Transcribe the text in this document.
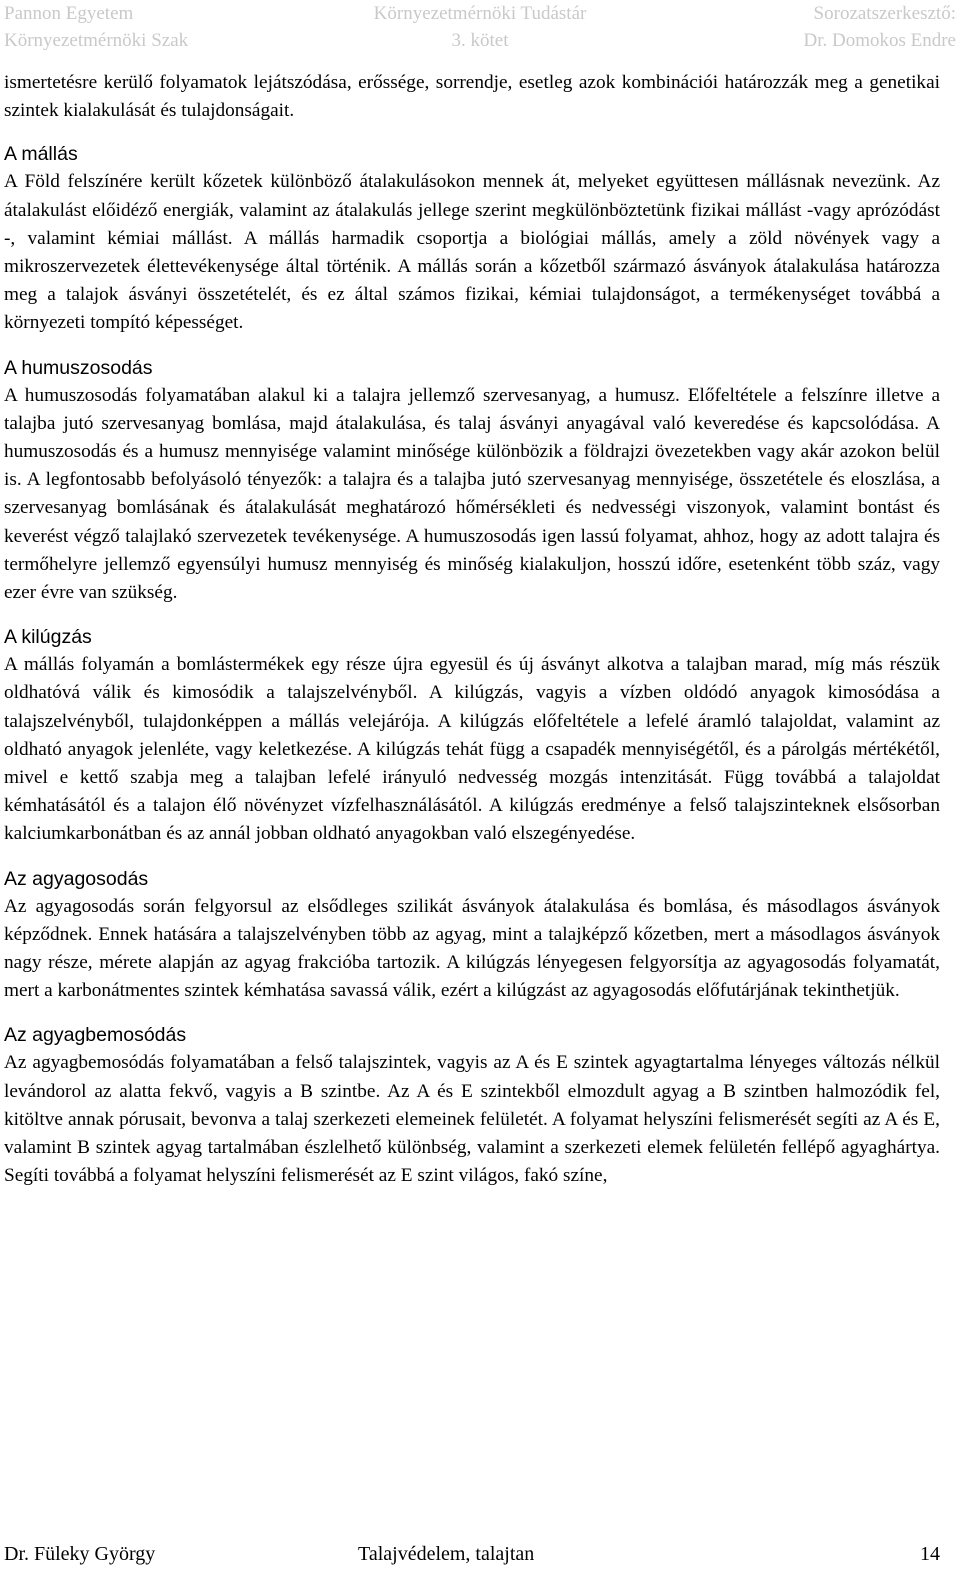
Pannon Egyetem
Környezetmérnöki Szak
Környezetmérnöki Tudástár
3. kötet
Sorozatszerkesztő:
Dr. Domokos Endre

ismertetésre kerülő folyamatok lejátszódása, erőssége, sorrendje, esetleg azok kombinációi határozzák meg a genetikai szintek kialakulását és tulajdonságait.

A mállás

A Föld felszínére került kőzetek különböző átalakulásokon mennek át, melyeket együttesen mállásnak nevezünk. Az átalakulást előidéző energiák, valamint az átalakulás jellege szerint megkülönböztetünk fizikai mállást -vagy aprózódást -, valamint kémiai mállást. A mállás harmadik csoportja a biológiai mállás, amely a zöld növények vagy a mikroszervezetek élettevékenysége által történik. A mállás során a kőzetből származó ásványok átalakulása határozza meg a talajok ásványi összetételét, és ez által számos fizikai, kémiai tulajdonságot, a termékenységet továbbá a környezeti tompító képességet.

A humuszosodás

A humuszosodás folyamatában alakul ki a talajra jellemző szervesanyag, a humusz. Előfeltétele a felszínre illetve a talajba jutó szervesanyag bomlása, majd átalakulása, és talaj ásványi anyagával való keveredése és kapcsolódása. A humuszosodás és a humusz mennyisége valamint minősége különbözik a földrajzi övezetekben vagy akár azokon belül is. A legfontosabb befolyásoló tényezők: a talajra és a talajba jutó szervesanyag mennyisége, összetétele és eloszlása, a szervesanyag bomlásának és átalakulását meghatározó hőmérsékleti és nedvességi viszonyok, valamint bontást és keverést végző talajlakó szervezetek tevékenysége. A humuszosodás igen lassú folyamat, ahhoz, hogy az adott talajra és termőhelyre jellemző egyensúlyi humusz mennyiség és minőség kialakuljon, hosszú időre, esetenként több száz, vagy ezer évre van szükség.

A kilúgzás

A mállás folyamán a bomlástermékek egy része újra egyesül és új ásványt alkotva a talajban marad, míg más részük oldhatóvá válik és kimosódik a talajszelvényből. A kilúgzás, vagyis a vízben oldódó anyagok kimosódása a talajszelvényből, tulajdonképpen a mállás velejárója. A kilúgzás előfeltétele a lefelé áramló talajoldat, valamint az oldható anyagok jelenléte, vagy keletkezése. A kilúgzás tehát függ a csapadék mennyiségétől, és a párolgás mértékétől, mivel e kettő szabja meg a talajban lefelé irányuló nedvesség mozgás intenzitását. Függ továbbá a talajoldat kémhatásától és a talajon élő növényzet vízfelhasználásától. A kilúgzás eredménye a felső talajszinteknek elsősorban kalciumkarbonátban és az annál jobban oldható anyagokban való elszegényedése.

Az agyagosodás

Az agyagosodás során felgyorsul az elsődleges szilikát ásványok átalakulása és bomlása, és másodlagos ásványok képződnek. Ennek hatására a talajszelvényben több az agyag, mint a talajképző kőzetben, mert a másodlagos ásványok nagy része, mérete alapján az agyag frakcióba tartozik. A kilúgzás lényegesen felgyorsítja az agyagosodás folyamatát, mert a karbonátmentes szintek kémhatása savassá válik, ezért a kilúgzást az agyagosodás előfutárjának tekinthetjük.

Az agyagbemosódás

Az agyagbemosódás folyamatában a felső talajszintek, vagyis az A és E szintek agyagtartalma lényeges változás nélkül levándorol az alatta fekvő, vagyis a B szintbe. Az A és E szintekből elmozdult agyag a B szintben halmozódik fel, kitöltve annak pórusait, bevonva a talaj szerkezeti elemeinek felületét. A folyamat helyszíni felismerését segíti az A és E, valamint B szintek agyag tartalmában észlelhető különbség, valamint a szerkezeti elemek felületén fellépő agyaghártya. Segíti továbbá a folyamat helyszíni felismerését az E szint világos, fakó színe,

Dr. Füleky György	Talajvédelem, talajtan	14
